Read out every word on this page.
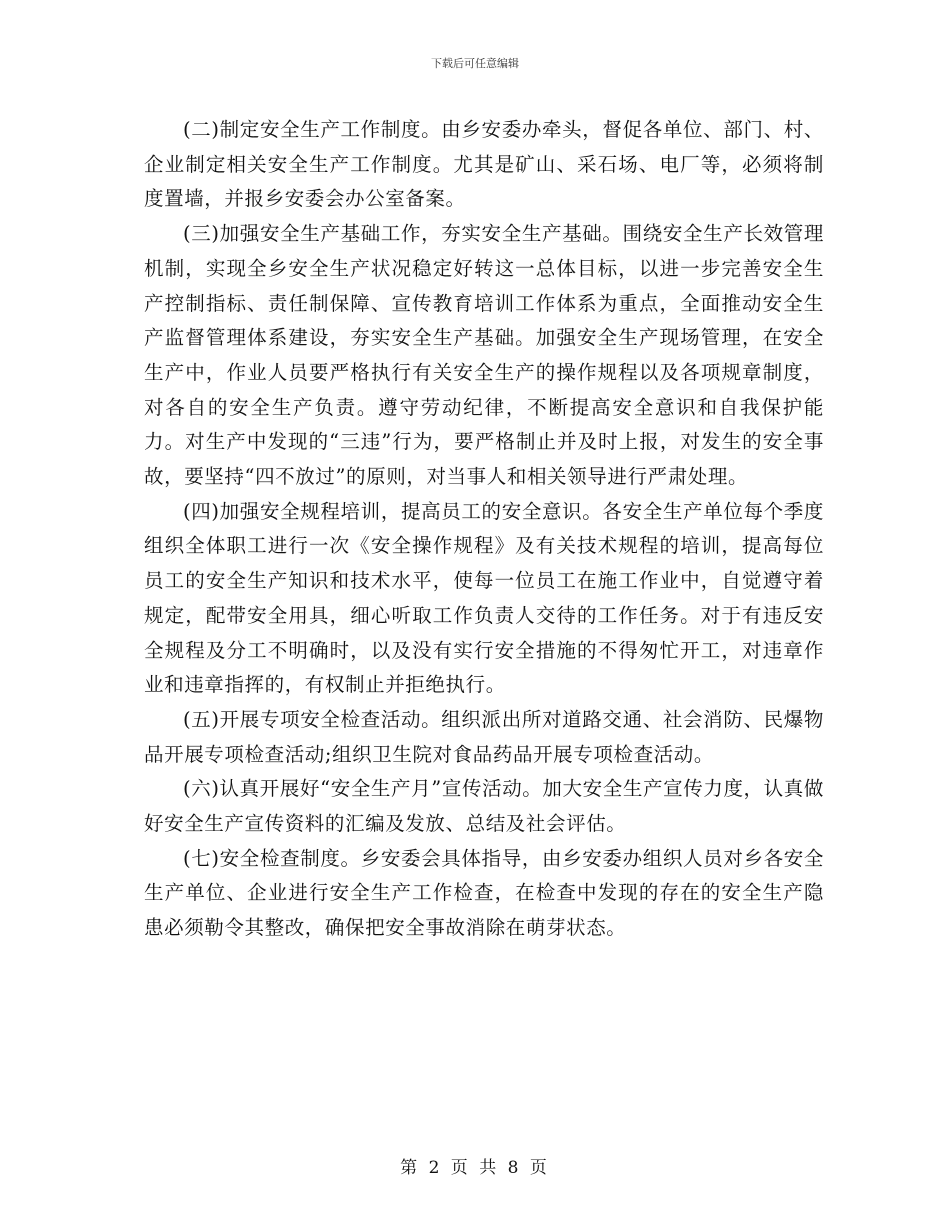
下载后可任意编辑

(二)制定安全生产工作制度。由乡安委办牵头，督促各单位、部门、村、企业制定相关安全生产工作制度。尤其是矿山、采石场、电厂等，必须将制度置墙，并报乡安委会办公室备案。

(三)加强安全生产基础工作，夯实安全生产基础。围绕安全生产长效管理机制，实现全乡安全生产状况稳定好转这一总体目标，以进一步完善安全生产控制指标、责任制保障、宣传教育培训工作体系为重点，全面推动安全生产监督管理体系建设，夯实安全生产基础。加强安全生产现场管理，在安全生产中，作业人员要严格执行有关安全生产的操作规程以及各项规章制度，对各自的安全生产负责。遵守劳动纪律，不断提高安全意识和自我保护能力。对生产中发现的“三违”行为，要严格制止并及时上报，对发生的安全事故，要坚持“四不放过”的原则，对当事人和相关领导进行严肃处理。

(四)加强安全规程培训，提高员工的安全意识。各安全生产单位每个季度组织全体职工进行一次《安全操作规程》及有关技术规程的培训，提高每位员工的安全生产知识和技术水平，使每一位员工在施工作业中，自觉遵守着规定，配带安全用具，细心听取工作负责人交待的工作任务。对于有违反安全规程及分工不明确时，以及没有实行安全措施的不得匆忙开工，对违章作业和违章指挥的，有权制止并拒绝执行。

(五)开展专项安全检查活动。组织派出所对道路交通、社会消防、民爆物品开展专项检查活动;组织卫生院对食品药品开展专项检查活动。

(六)认真开展好“安全生产月”宣传活动。加大安全生产宣传力度，认真做好安全生产宣传资料的汇编及发放、总结及社会评估。

(七)安全检查制度。乡安委会具体指导，由乡安委办组织人员对乡各安全生产单位、企业进行安全生产工作检查，在检查中发现的存在的安全生产隐患必须勒令其整改，确保把安全事故消除在萌芽状态。

第 2 页 共 8 页
